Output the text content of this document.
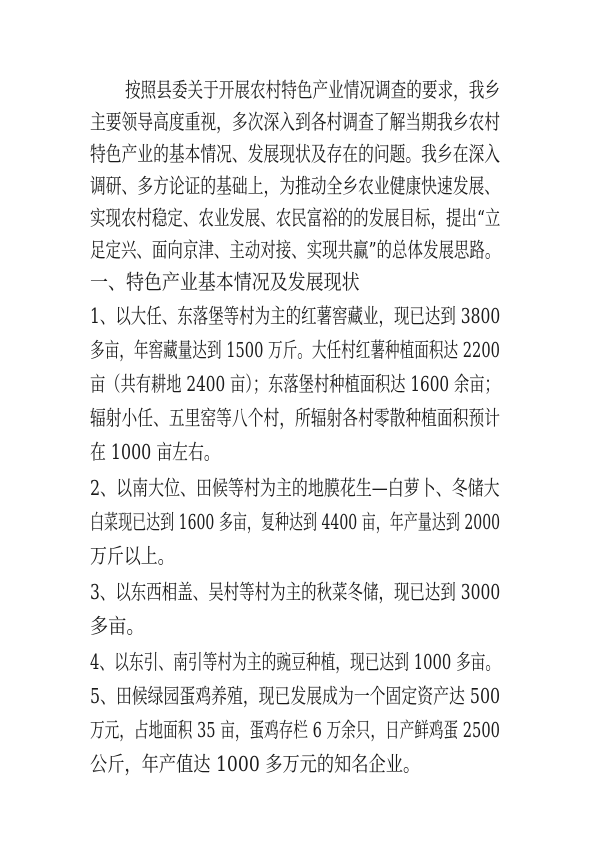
按照县委关于开展农村特色产业情况调查的要求，我乡
主要领导高度重视，多次深入到各村调查了解当期我乡农村
特色产业的基本情况、发展现状及存在的问题。我乡在深入
调研、多方论证的基础上，为推动全乡农业健康快速发展、
实现农村稳定、农业发展、农民富裕的的发展目标，提出“立
足定兴、面向京津、主动对接、实现共赢”的总体发展思路。
一、特色产业基本情况及发展现状
1、以大任、东落堡等村为主的红薯窖藏业，现已达到 3800
多亩，年窖藏量达到 1500 万斤。大任村红薯种植面积达 2200
亩（共有耕地 2400 亩）；东落堡村种植面积达 1600 余亩；
辐射小任、五里窑等八个村，所辐射各村零散种植面积预计
在 1000 亩左右。
2、以南大位、田候等村为主的地膜花生—白萝卜、冬储大
白菜现已达到 1600 多亩，复种达到 4400 亩，年产量达到 2000
万斤以上。
3、以东西相盖、吴村等村为主的秋菜冬储，现已达到 3000
多亩。
4、以东引、南引等村为主的豌豆种植，现已达到 1000 多亩。
5、田候绿园蛋鸡养殖，现已发展成为一个固定资产达 500
万元，占地面积 35 亩，蛋鸡存栏 6 万余只，日产鲜鸡蛋 2500
公斤，年产值达 1000 多万元的知名企业。
